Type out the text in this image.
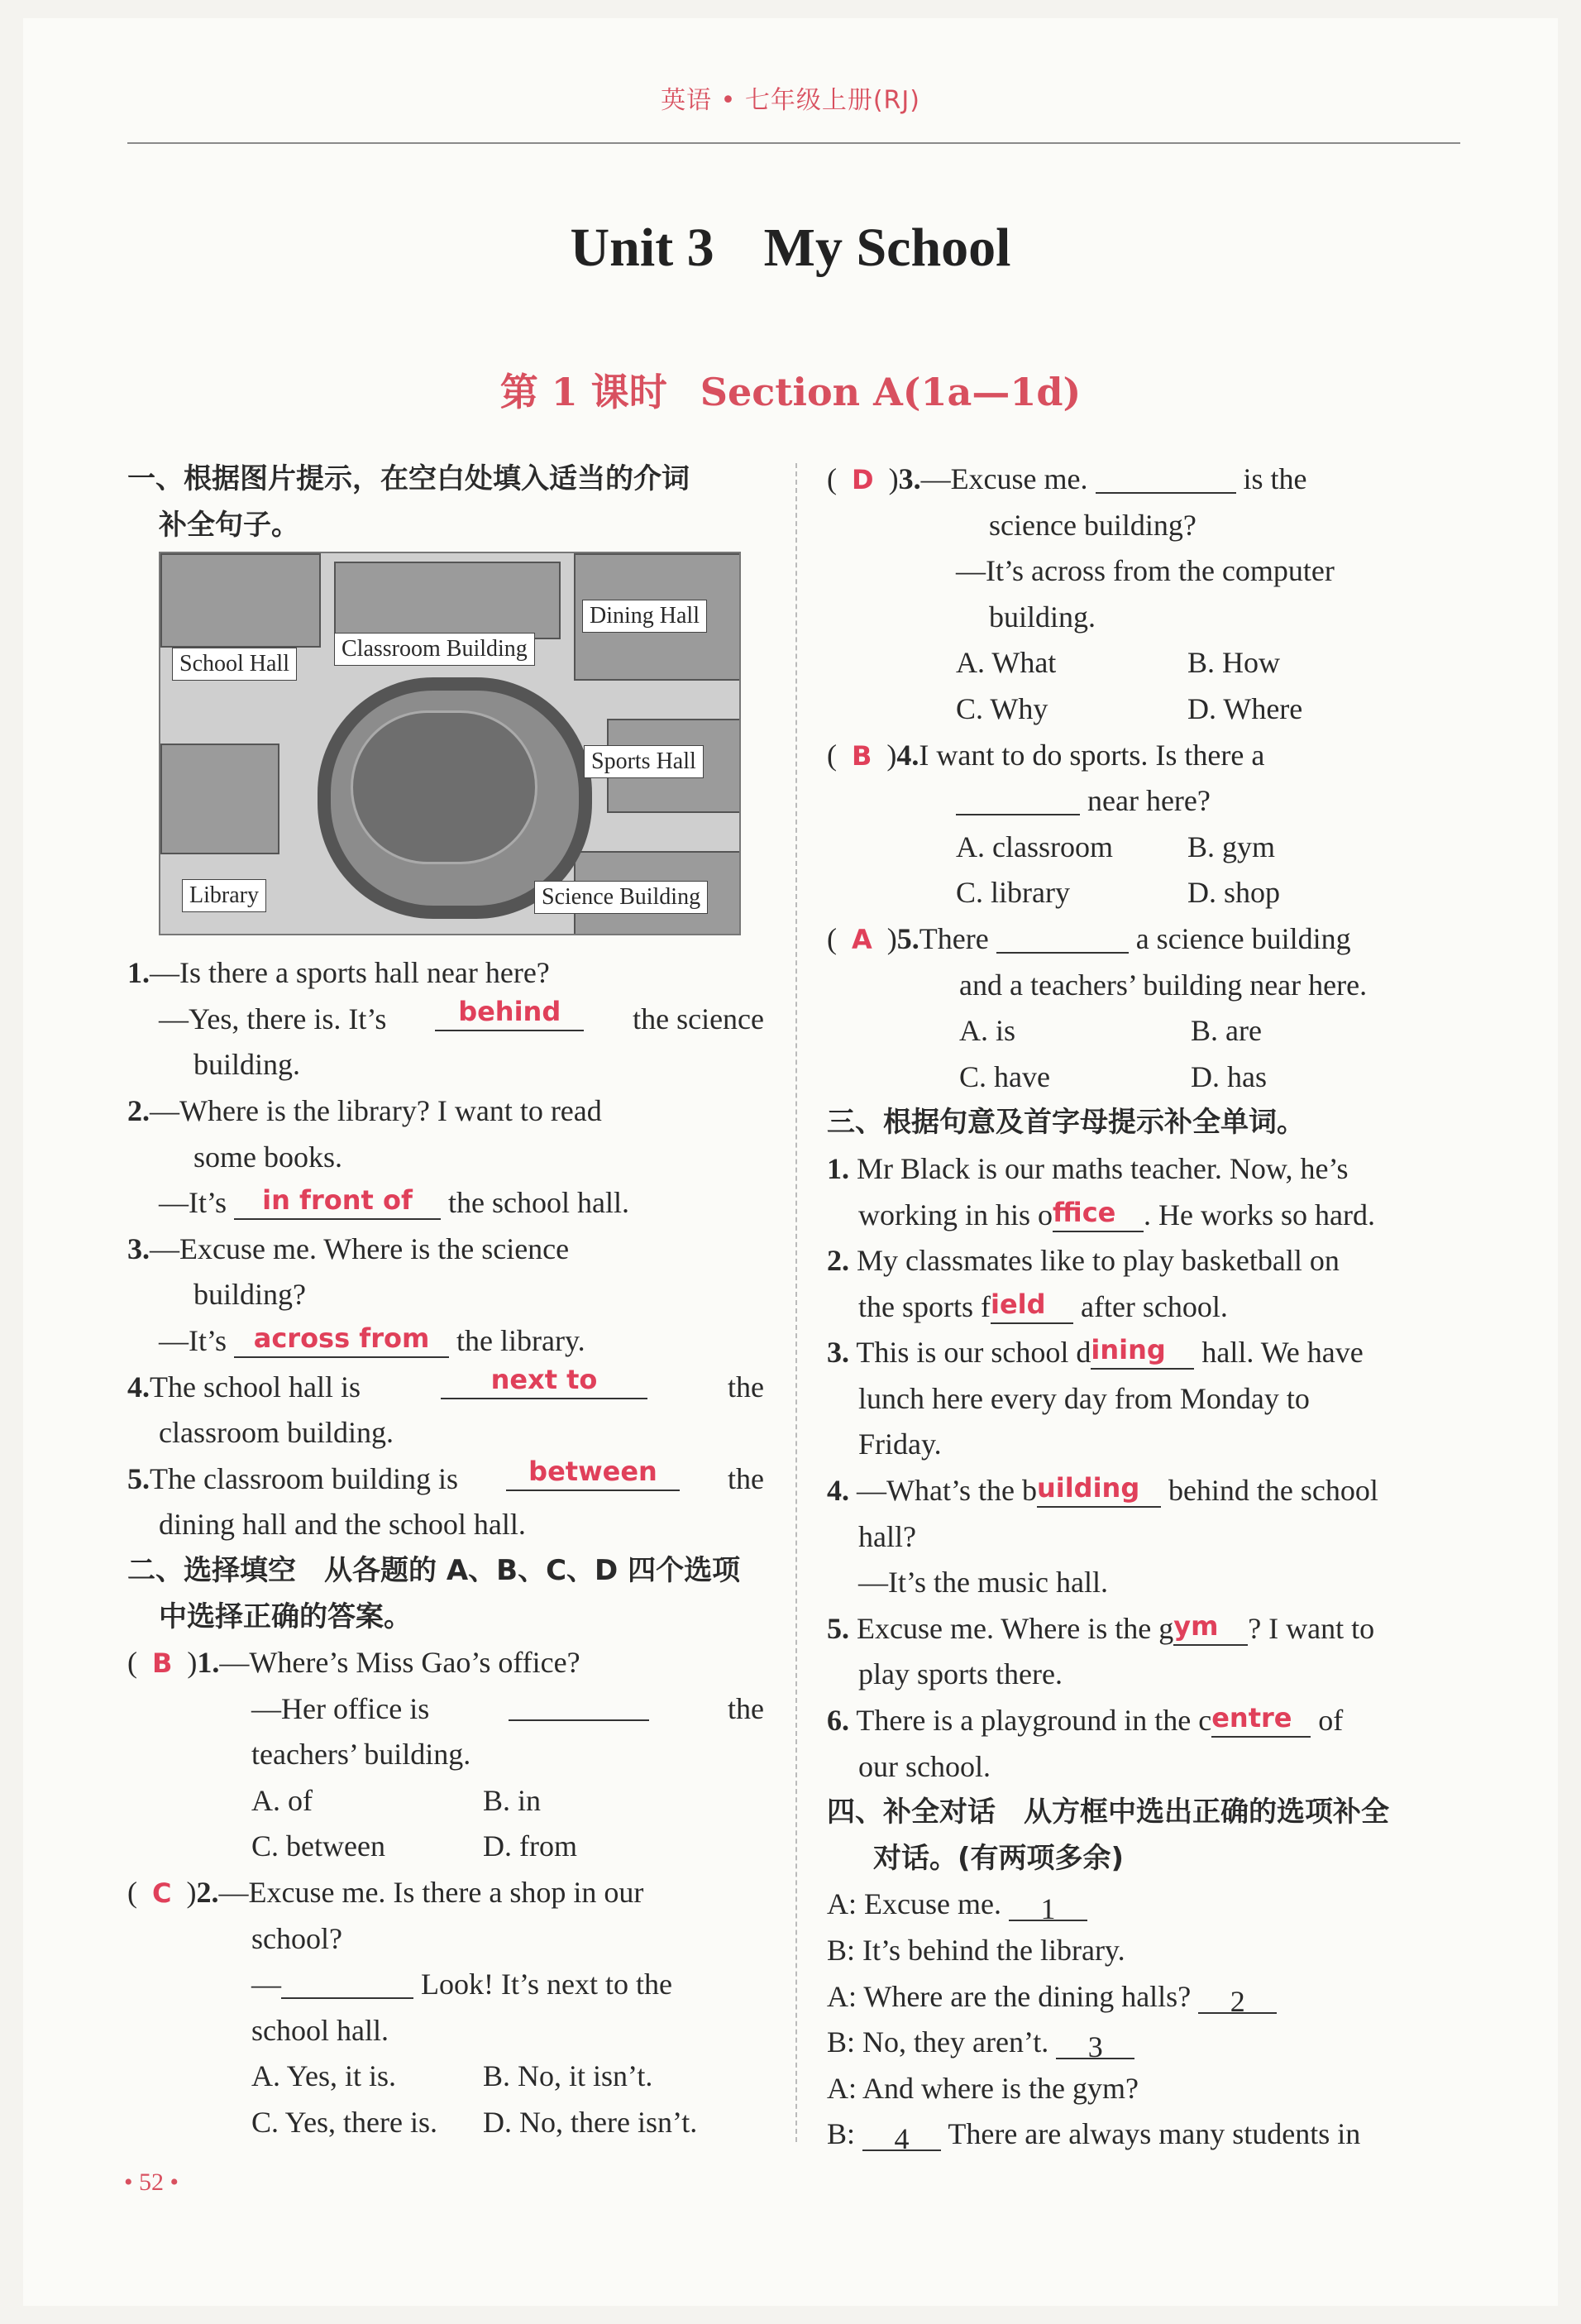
英语 • 七年级上册(RJ)
Unit 3 My School
第 1 课时 Section A(1a—1d)
一、根据图片提示，在空白处填入适当的介词
补全句子。
School Hall
Classroom Building
Dining Hall
Sports Hall
Library	Science Building
1.—Is there a sports hall near here?
—Yes, there is. It’s	behind	the science
building.
2.—Where is the library? I want to read
some books.
—It’s in front of the school hall.
3.—Excuse me. Where is the science
building?
—It’s across from the library.
4.The school hall is	next to	the
classroom building.
5.The classroom building is	between	the
dining hall and the school hall.
二、选择填空　从各题的 A、B、C、D 四个选项
中选择正确的答案。
(  B  )1.—Where’s Miss Gao’s office?
—Her office is	the
teachers’ building.
A. of	B. in
C. between	D. from
(  C  )2.—Excuse me. Is there a shop in our
school?
—	Look! It’s next to the
school hall.
A. Yes, it is.	B. No, it isn’t.
C. Yes, there is.	D. No, there isn’t.
(  D  )3.—Excuse me.	is the
science building?
—It’s across from the computer
building.
A. What	B. How
C. Why	D. Where
(  B  )4.I want to do sports. Is there a
near here?
A. classroom	B. gym
C. library	D. shop
(  A  )5.There	a science building
and a teachers’ building near here.
A. is	B. are
C. have	D. has
三、根据句意及首字母提示补全单词。
1. Mr Black is our maths teacher. Now, he’s
working in his office . He works so hard.
2. My classmates like to play basketball on
the sports field after school.
3. This is our school dining hall. We have
lunch here every day from Monday to
Friday.
4. —What’s the building behind the school
hall?
—It’s the music hall.
5. Excuse me. Where is the gym ? I want to
play sports there.
6. There is a playground in the centre of
our school.
四、补全对话　从方框中选出正确的选项补全
对话。(有两项多余)
A: Excuse me. 1
B: It’s behind the library.
A: Where are the dining halls? 2
B: No, they aren’t. 3
A: And where is the gym?
B: 4 There are always many students in
• 52 •
